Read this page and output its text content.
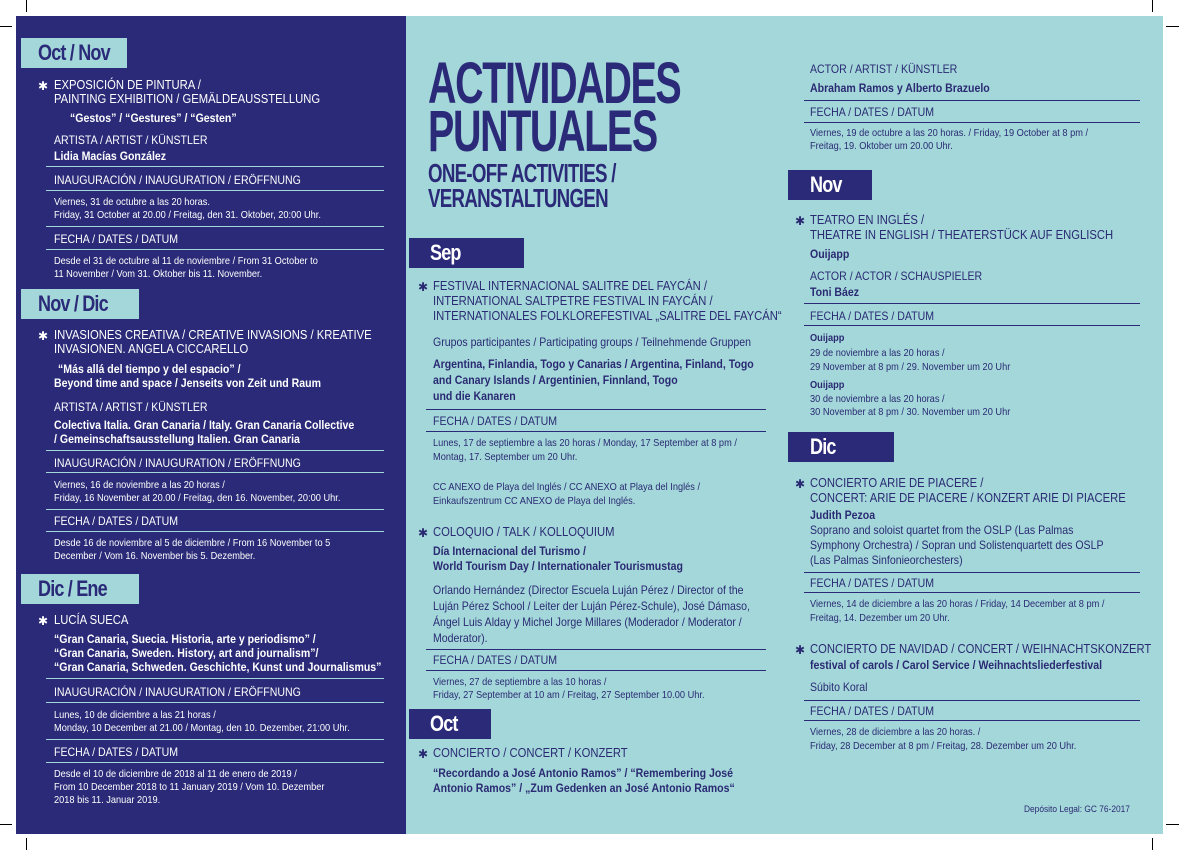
Oct / Nov
✱ EXPOSICIÓN DE PINTURA /
PAINTING EXHIBITION / GEMÄLDEAUSSTELLUNG
“Gestos” / “Gestures” / “Gesten”
ARTISTA / ARTIST / KÜNSTLER
Lidia Macías González
INAUGURACIÓN / INAUGURATION / ERÖFFNUNG
Viernes, 31 de octubre a las 20 horas.
Friday, 31 October at 20.00 / Freitag, den 31. Oktober, 20:00 Uhr.
FECHA / DATES / DATUM
Desde el 31 de octubre al 11 de noviembre / From 31 October to
11 November / Vom 31. Oktober bis 11. November.
Nov / Dic
✱ INVASIONES CREATIVA / CREATIVE INVASIONS / KREATIVE
INVASIONEN. ANGELA CICCARELLO
“Más allá del tiempo y del espacio” /
Beyond time and space / Jenseits von Zeit und Raum
ARTISTA / ARTIST / KÜNSTLER
Colectiva Italia. Gran Canaria / Italy. Gran Canaria Collective
/ Gemeinschaftsausstellung Italien. Gran Canaria
INAUGURACIÓN / INAUGURATION / ERÖFFNUNG
Viernes, 16 de noviembre a las 20 horas /
Friday, 16 November at 20.00 / Freitag, den 16. November, 20:00 Uhr.
FECHA / DATES / DATUM
Desde 16 de noviembre al 5 de diciembre / From 16 November to 5
December / Vom 16. November bis 5. Dezember.
Dic / Ene
✱ LUCÍA SUECA
“Gran Canaria, Suecia. Historia, arte y periodismo” /
“Gran Canaria, Sweden. History, art and journalism”/
“Gran Canaria, Schweden. Geschichte, Kunst und Journalismus”
INAUGURACIÓN / INAUGURATION / ERÖFFNUNG
Lunes, 10 de diciembre a las 21 horas /
Monday, 10 December at 21.00 / Montag, den 10. Dezember, 21:00 Uhr.
FECHA / DATES / DATUM
Desde el 10 de diciembre de 2018 al 11 de enero de 2019 /
From 10 December 2018 to 11 January 2019 / Vom 10. Dezember
2018 bis 11. Januar 2019.
ACTIVIDADES
PUNTUALES
ONE-OFF ACTIVITIES /
VERANSTALTUNGEN
Sep
✱ FESTIVAL INTERNACIONAL SALITRE DEL FAYCÁN /
INTERNATIONAL SALTPETRE FESTIVAL IN FAYCÁN /
INTERNATIONALES FOLKLOREFESTIVAL „SALITRE DEL FAYCÁN“
Grupos participantes / Participating groups / Teilnehmende Gruppen
Argentina, Finlandia, Togo y Canarias / Argentina, Finland, Togo
and Canary Islands / Argentinien, Finnland, Togo
und die Kanaren
FECHA / DATES / DATUM
Lunes, 17 de septiembre a las 20 horas / Monday, 17 September at 8 pm /
Montag, 17. September um 20 Uhr.
CC ANEXO de Playa del Inglés / CC ANEXO at Playa del Inglés /
Einkaufszentrum CC ANEXO de Playa del Inglés.
✱ COLOQUIO / TALK / KOLLOQUIUM
Día Internacional del Turismo /
World Tourism Day / Internationaler Tourismustag
Orlando Hernández (Director Escuela Luján Pérez / Director of the
Luján Pérez School / Leiter der Luján Pérez-Schule), José Dámaso,
Ángel Luis Alday y Michel Jorge Millares (Moderador / Moderator /
Moderator).
FECHA / DATES / DATUM
Viernes, 27 de septiembre a las 10 horas /
Friday, 27 September at 10 am / Freitag, 27 September 10.00 Uhr.
Oct
✱ CONCIERTO / CONCERT / KONZERT
“Recordando a José Antonio Ramos” / “Remembering José
Antonio Ramos” / „Zum Gedenken an José Antonio Ramos“
ACTOR / ARTIST / KÜNSTLER
Abraham Ramos y Alberto Brazuelo
FECHA / DATES / DATUM
Viernes, 19 de octubre a las 20 horas. / Friday, 19 October at 8 pm /
Freitag, 19. Oktober um 20.00 Uhr.
Nov
✱ TEATRO EN INGLÉS /
THEATRE IN ENGLISH / THEATERSTÜCK AUF ENGLISCH
Ouijapp
ACTOR / ACTOR / SCHAUSPIELER
Toni Báez
FECHA / DATES / DATUM
Ouijapp
29 de noviembre a las 20 horas /
29 November at 8 pm / 29. November um 20 Uhr
Ouijapp
30 de noviembre a las 20 horas /
30 November at 8 pm / 30. November um 20 Uhr
Dic
✱ CONCIERTO ARIE DE PIACERE /
CONCERT: ARIE DE PIACERE / KONZERT ARIE DI PIACERE
Judith Pezoa
Soprano and soloist quartet from the OSLP (Las Palmas
Symphony Orchestra) / Sopran und Solistenquartett des OSLP
(Las Palmas Sinfonieorchesters)
FECHA / DATES / DATUM
Viernes, 14 de diciembre a las 20 horas / Friday, 14 December at 8 pm /
Freitag, 14. Dezember um 20 Uhr.
✱ CONCIERTO DE NAVIDAD / CONCERT / WEIHNACHTSKONZERT
festival of carols / Carol Service / Weihnachtsliederfestival
Súbito Koral
FECHA / DATES / DATUM
Viernes, 28 de diciembre a las 20 horas. /
Friday, 28 December at 8 pm / Freitag, 28. Dezember um 20 Uhr.
Depósito Legal: GC 76-2017
